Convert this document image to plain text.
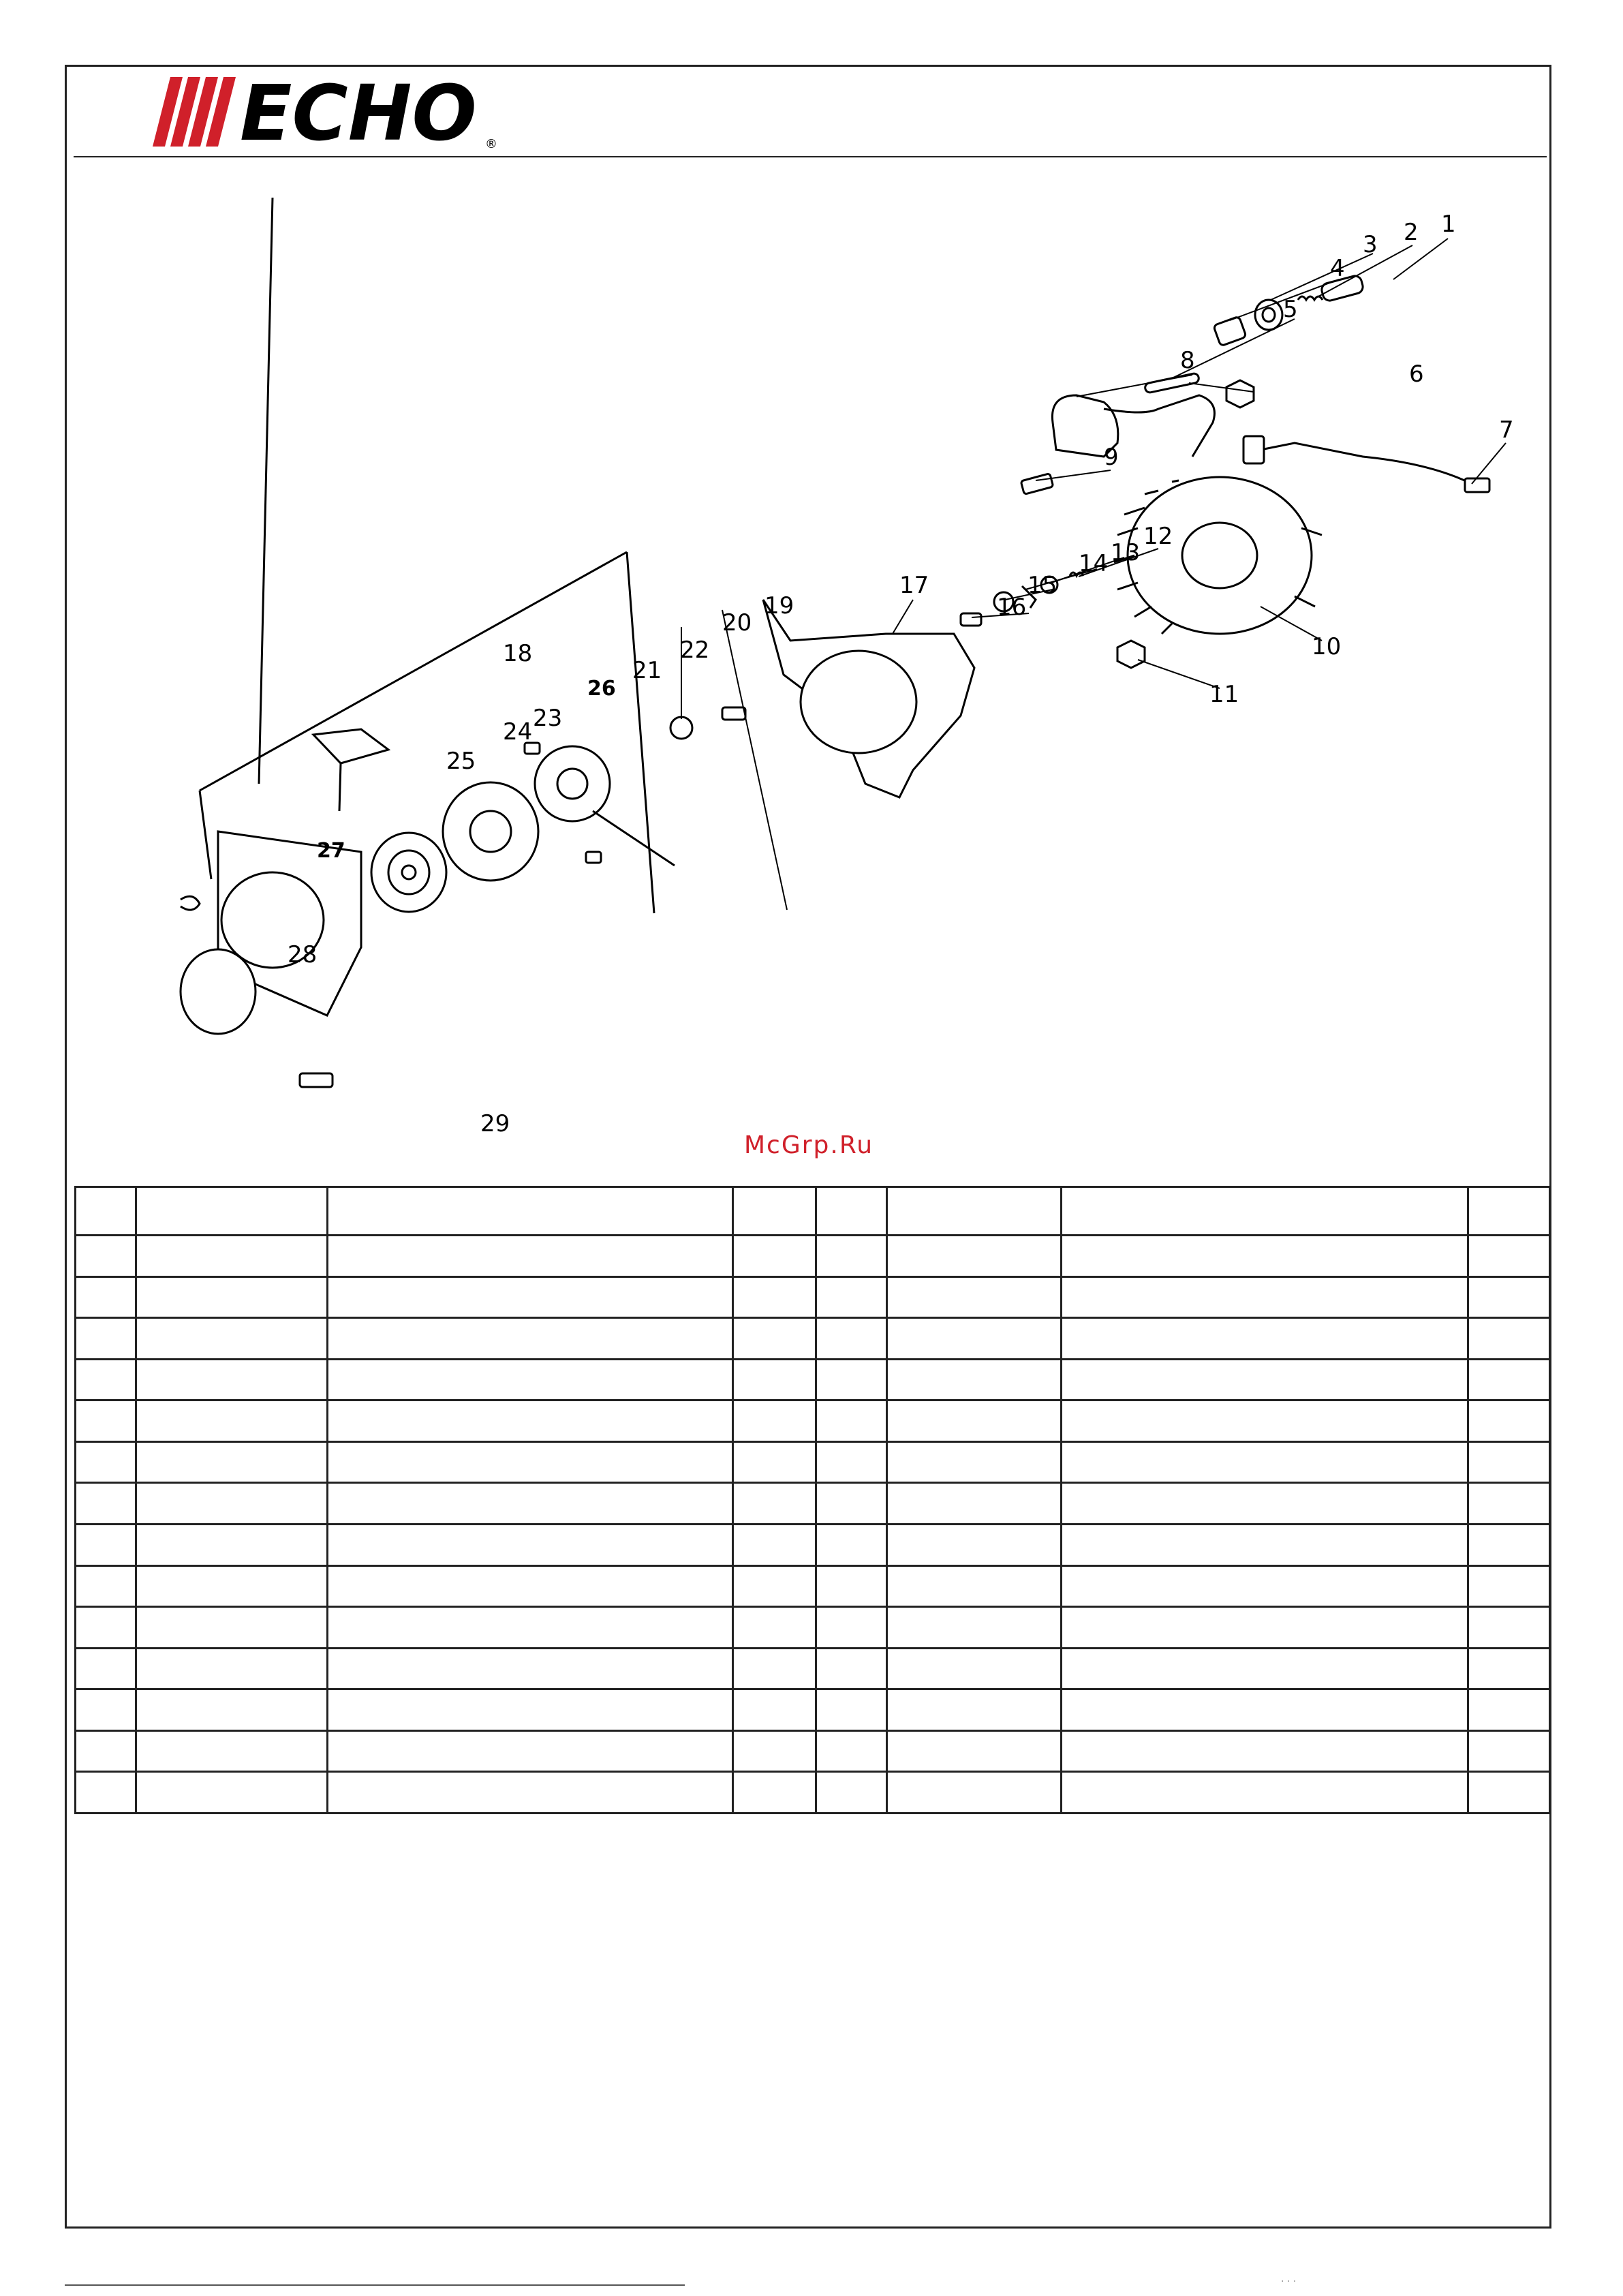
ECHO ®
1
2
3
4
5
6
7
8
9
10
11
12
13
14
15
16
17
18
19
20
21
22
23
24
25
26
27
28
29
McGrp.Ru

· · ·
